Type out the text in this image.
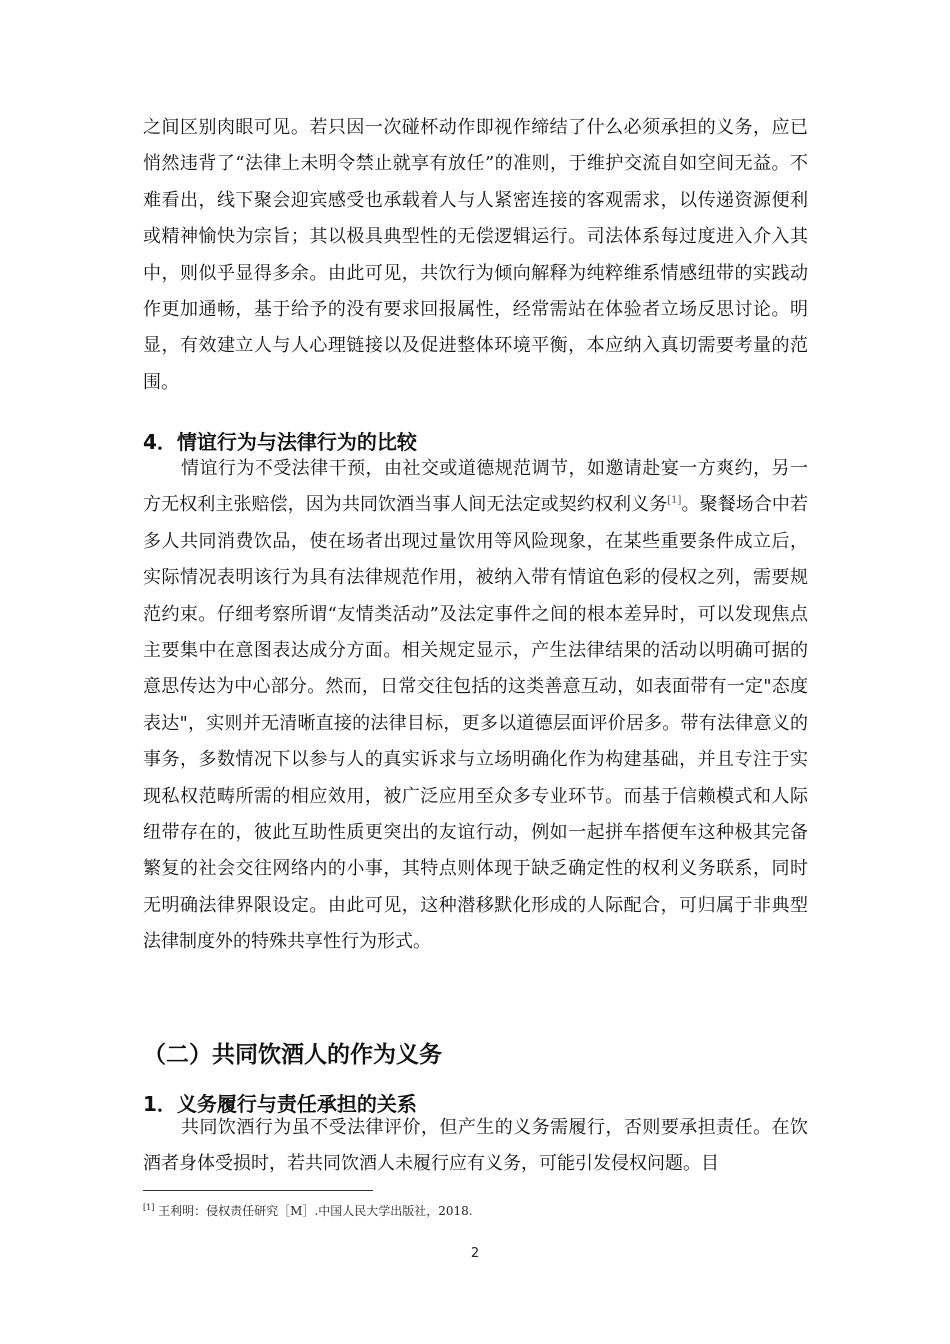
之间区别肉眼可见。若只因一次碰杯动作即视作缔结了什么必须承担的义务，应已悄然违背了“法律上未明令禁止就享有放任”的准则，于维护交流自如空间无益。不难看出，线下聚会迎宾感受也承载着人与人紧密连接的客观需求，以传递资源便利或精神愉快为宗旨；其以极具典型性的无偿逻辑运行。司法体系每过度进入介入其中，则似乎显得多余。由此可见，共饮行为倾向解释为纯粹维系情感纽带的实践动作更加通畅，基于给予的没有要求回报属性，经常需站在体验者立场反思讨论。明显，有效建立人与人心理链接以及促进整体环境平衡，本应纳入真切需要考量的范围。

4．情谊行为与法律行为的比较

情谊行为不受法律干预，由社交或道德规范调节，如邀请赴宴一方爽约，另一方无权利主张赔偿，因为共同饮酒当事人间无法定或契约权利义务[1]。聚餐场合中若多人共同消费饮品，使在场者出现过量饮用等风险现象，在某些重要条件成立后，实际情况表明该行为具有法律规范作用，被纳入带有情谊色彩的侵权之列，需要规范约束。仔细考察所谓“友情类活动”及法定事件之间的根本差异时，可以发现焦点主要集中在意图表达成分方面。相关规定显示，产生法律结果的活动以明确可据的意思传达为中心部分。然而，日常交往包括的这类善意互动，如表面带有一定"态度表达"，实则并无清晰直接的法律目标，更多以道德层面评价居多。带有法律意义的事务，多数情况下以参与人的真实诉求与立场明确化作为构建基础，并且专注于实现私权范畴所需的相应效用，被广泛应用至众多专业环节。而基于信赖模式和人际纽带存在的，彼此互助性质更突出的友谊行动，例如一起拼车搭便车这种极其完备繁复的社会交往网络内的小事，其特点则体现于缺乏确定性的权利义务联系，同时无明确法律界限设定。由此可见，这种潜移默化形成的人际配合，可归属于非典型法律制度外的特殊共享性行为形式。

（二）共同饮酒人的作为义务
1．义务履行与责任承担的关系

共同饮酒行为虽不受法律评价，但产生的义务需履行，否则要承担责任。在饮酒者身体受损时，若共同饮酒人未履行应有义务，可能引发侵权问题。目

[1] 王利明：侵权责任研究［M］.中国人民大学出版社，2018.
2
